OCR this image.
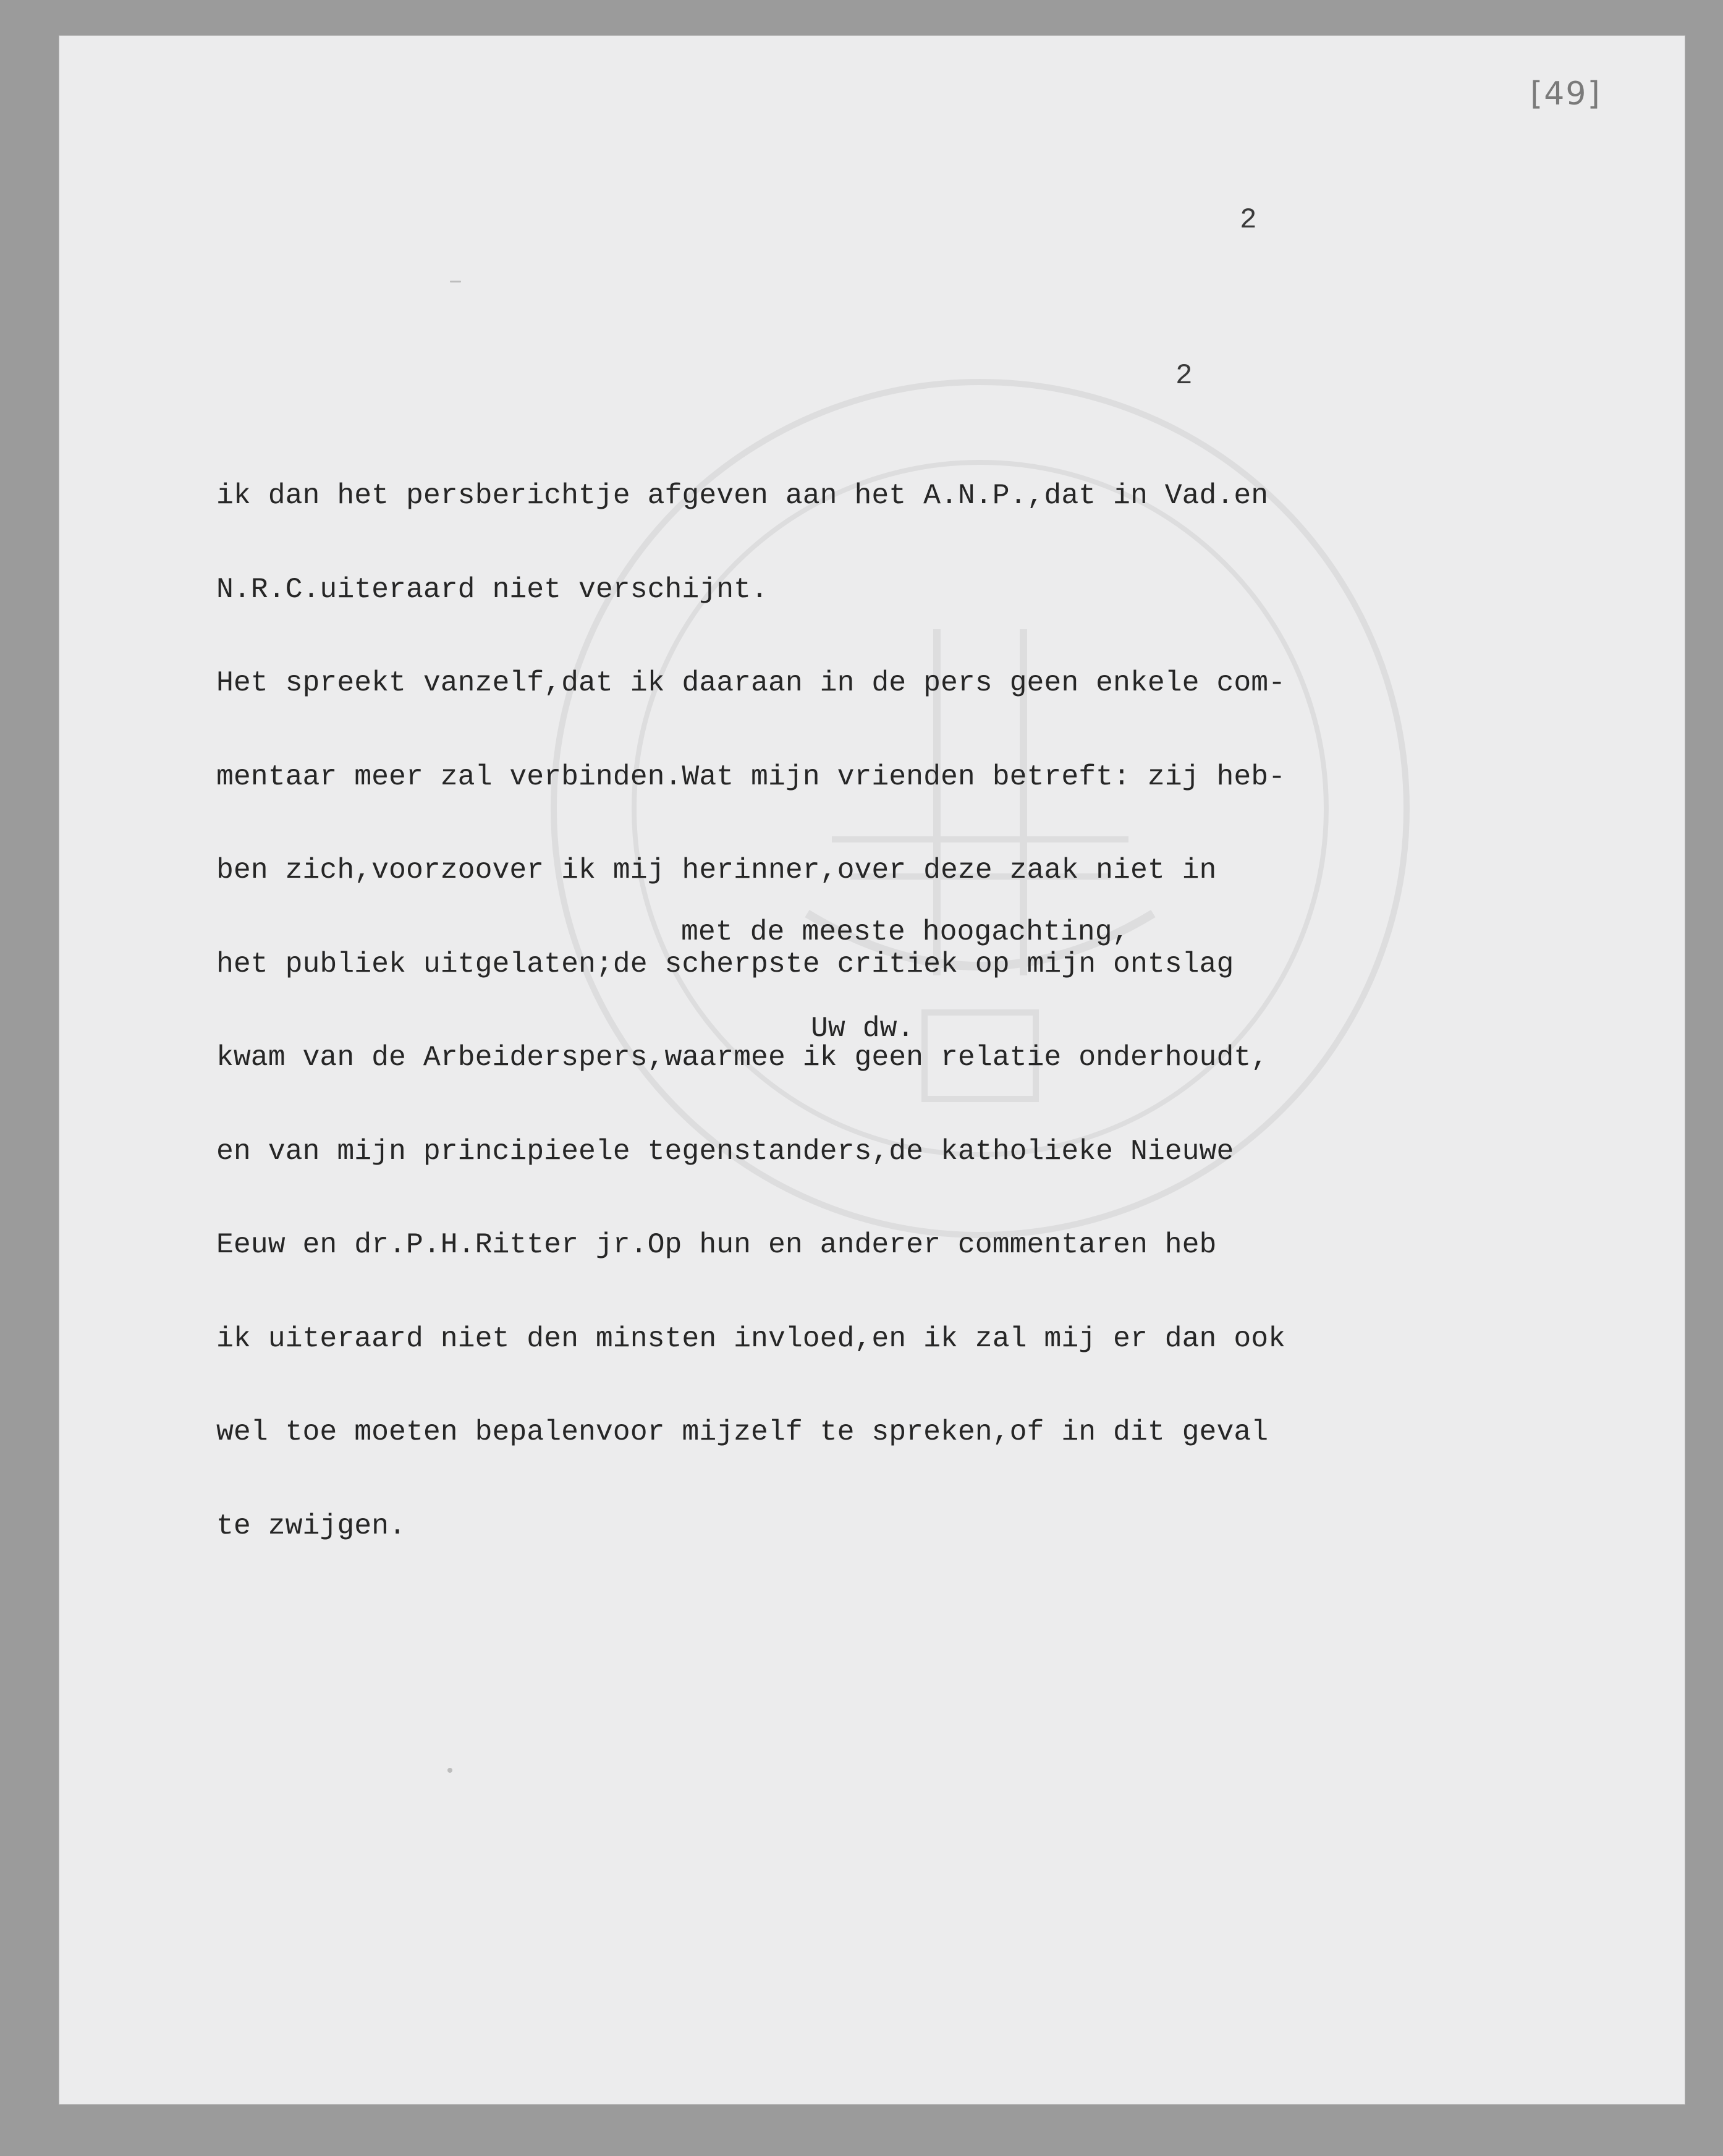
[49]
2
2

ik dan het persberichtje afgeven aan het A.N.P.,dat in Vad.en

N.R.C.uiteraard niet verschijnt.

Het spreekt vanzelf,dat ik daaraan in de pers geen enkele com-

mentaar meer zal verbinden.Wat mijn vrienden betreft: zij heb-

ben zich,voorzoover ik mij herinner,over deze zaak niet in

het publiek uitgelaten;de scherpste critiek op mijn ontslag

kwam van de Arbeiderspers,waarmee ik geen relatie onderhoudt,

en van mijn principieele tegenstanders,de katholieke Nieuwe

Eeuw en dr.P.H.Ritter jr.Op hun en anderer commentaren heb

ik uiteraard niet den minsten invloed,en ik zal mij er dan ook

wel toe moeten bepalenvoor mijzelf te spreken,of in dit geval

te zwijgen.

met de meeste hoogachting,

Uw dw.
